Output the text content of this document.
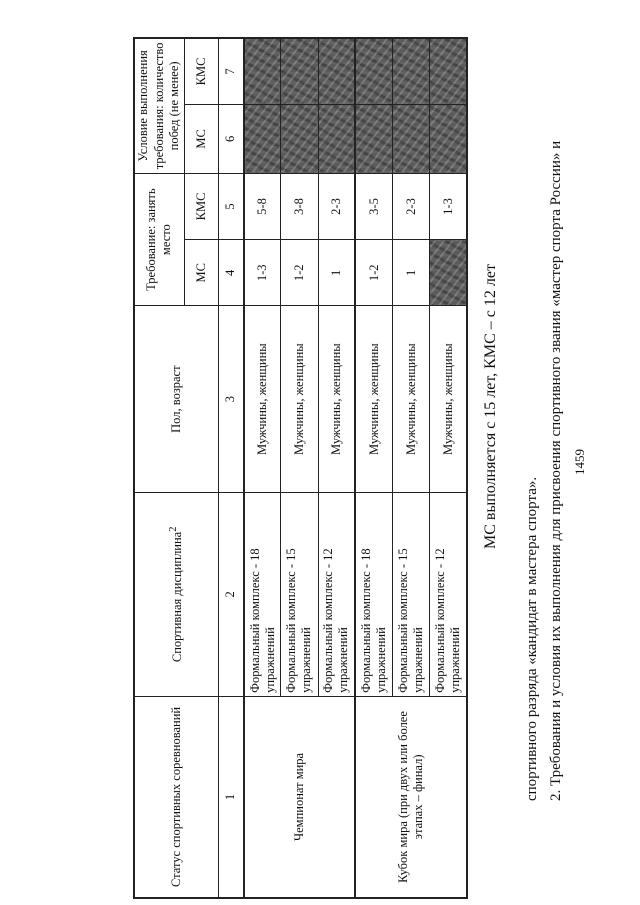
1459
2. Требования и условия их выполнения для присвоения спортивного звания «мастер спорта России» и
спортивного разряда «кандидат в мастера спорта».
МС выполняется с 15 лет, КМС – с 12 лет
Статус спортивных соревнований	Спортивная дисциплина$^2$	Пол, возраст	Требование: занять место		Условие выполнения требования: количество побед (не менее)	
			МС	КМС	МС	КМС
1	2	3	4	5	6	7
Чемпионат мира	Формальный комплекс - 18 упражнений	Мужчины, женщины	1-3	5-8		
	Формальный комплекс - 15 упражнений	Мужчины, женщины	1-2	3-8		
	Формальный комплекс - 12 упражнений	Мужчины, женщины	1	2-3		
Кубок мира (при двух или более этапах – финал)	Формальный комплекс - 18 упражнений	Мужчины, женщины	1-2	3-5		
	Формальный комплекс - 15 упражнений	Мужчины, женщины	1	2-3		
	Формальный комплекс - 12 упражнений	Мужчины, женщины		1-3		
